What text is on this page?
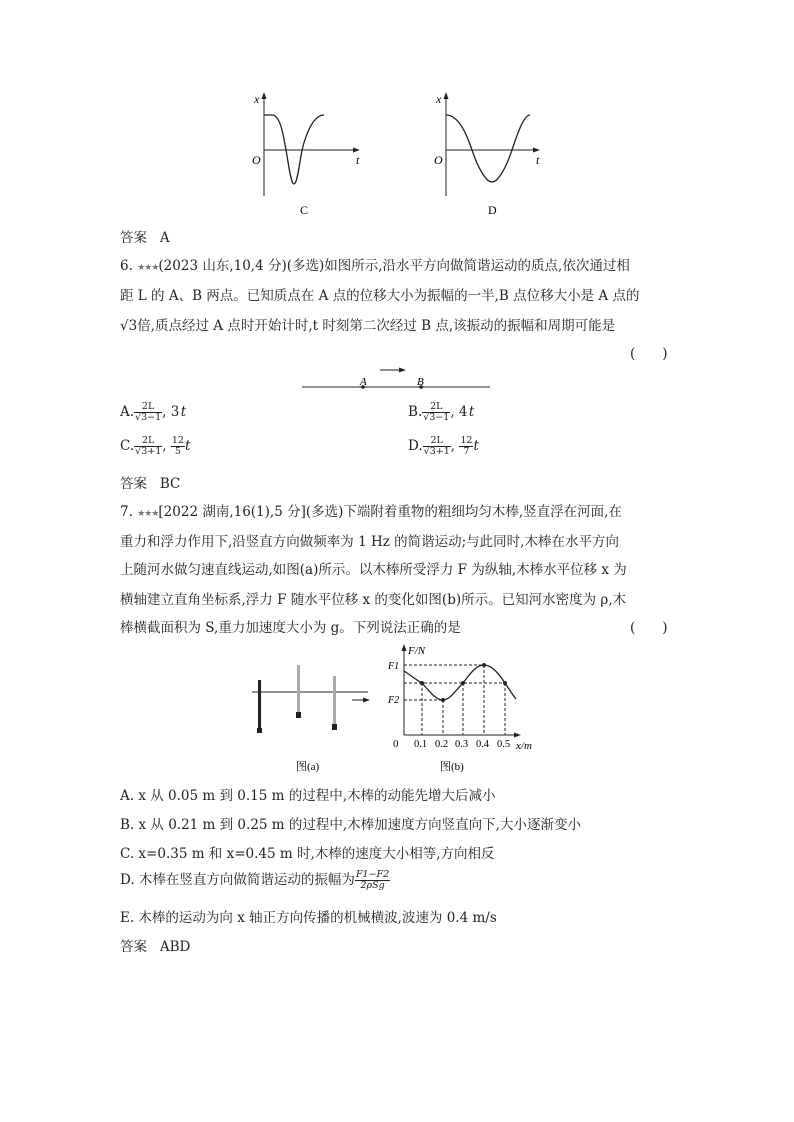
x
t
O
C
x
t
O
D
答案 A
6. ★★★(2023 山东,10,4 分)(多选)如图所示,沿水平方向做简谐运动的质点,依次通过相
距 L 的 A、B 两点。已知质点在 A 点的位移大小为振幅的一半,B 点位移大小是 A 点的
√3倍,质点经过 A 点时开始计时,t 时刻第二次经过 B 点,该振动的振幅和周期可能是
(　　)
A	B
A. $\frac{2L}{√3-1}$ , 3 t	B. $\frac{2L}{√3-1}$ , 4 t
C. $\frac{2L}{√3+1}$ , $\frac{12}{5}$ t	D. $\frac{2L}{√3+1}$ , $\frac{12}{7}$ t
答案 BC
7. ★★★[2022 湖南,16(1),5 分](多选)下端附着重物的粗细均匀木棒,竖直浮在河面,在
重力和浮力作用下,沿竖直方向做频率为 1 Hz 的简谐运动;与此同时,木棒在水平方向
上随河水做匀速直线运动,如图(a)所示。以木棒所受浮力 F 为纵轴,木棒水平位移 x 为
横轴建立直角坐标系,浮力 F 随水平位移 x 的变化如图(b)所示。已知河水密度为 ρ,木
棒横截面积为 S,重力加速度大小为 g。下列说法正确的是	(　　)
图(a)
F/N
F1
F2
0 0.1 0.2 0.3 0.4 0.5 x/m
图(b)
A. x 从 0.05 m 到 0.15 m 的过程中,木棒的动能先增大后减小
B. x 从 0.21 m 到 0.25 m 的过程中,木棒加速度方向竖直向下,大小逐渐变小
C. x=0.35 m 和 x=0.45 m 时,木棒的速度大小相等,方向相反
D. 木棒在竖直方向做简谐运动的振幅为 $\frac{F1-F2}{\text{2ρSg}}$
E. 木棒的运动为向 x 轴正方向传播的机械横波,波速为 0.4 m/s
答案 ABD
